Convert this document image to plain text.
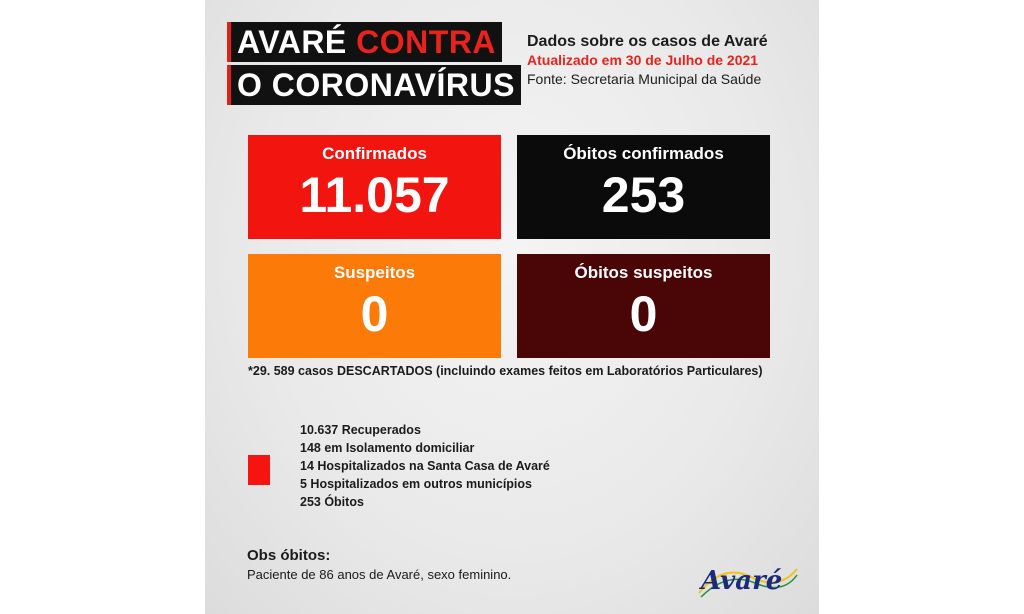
AVARÉ CONTRA
O CORONAVÍRUS
Dados sobre os casos de Avaré
Atualizado em 30 de Julho de 2021
Fonte: Secretaria Municipal da Saúde
Confirmados
11.057
Óbitos confirmados
253
Suspeitos
0
Óbitos suspeitos
0
*29. 589 casos DESCARTADOS (incluindo exames feitos em Laboratórios Particulares)
10.637 Recuperados
148 em Isolamento domiciliar
14 Hospitalizados na Santa Casa de Avaré
5 Hospitalizados em outros municípios
253 Óbitos
Obs óbitos:
Paciente de 86 anos de Avaré, sexo feminino.	Avaré
